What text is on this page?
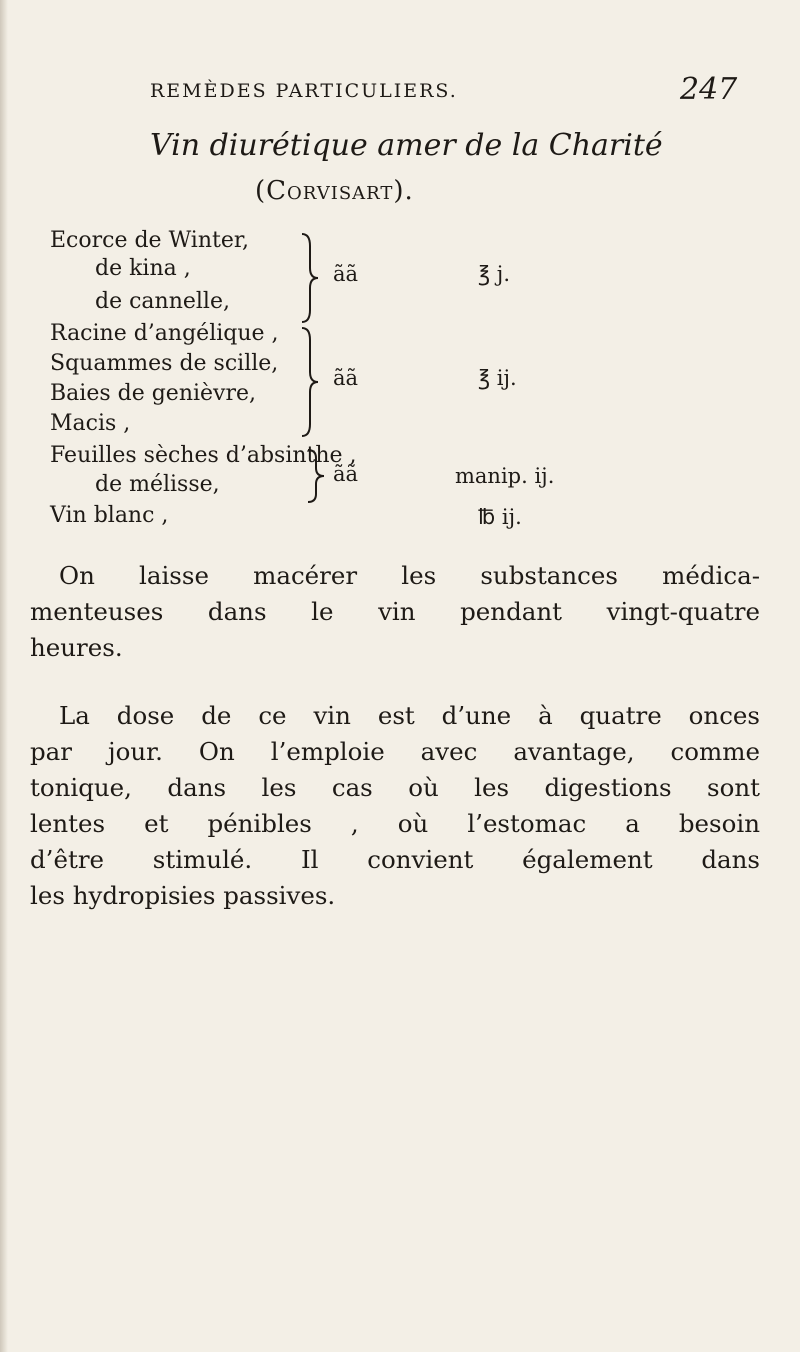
REMÈDES PARTICULIERS.	247
Vin diurétique amer de la Charité
(Corvisart).
Ecorce de Winter,
de kina ,
de cannelle,
ãã	℥ j.
Racine d’angélique ,
Squammes de scille,
Baies de genièvre,
Macis ,
ãã	℥ ij.
Feuilles sèches d’absinthe ,
de mélisse,	ãã	manip. ij.
Vin blanc ,	℔ ij.

On laisse macérer les substances médica-
menteuses dans le vin pendant vingt-quatre
heures.

La dose de ce vin est d’une à quatre onces
par jour. On l’emploie avec avantage, comme
tonique, dans les cas où les digestions sont
lentes et pénibles , où l’estomac a besoin
d’être stimulé. Il convient également dans
les hydropisies passives.
